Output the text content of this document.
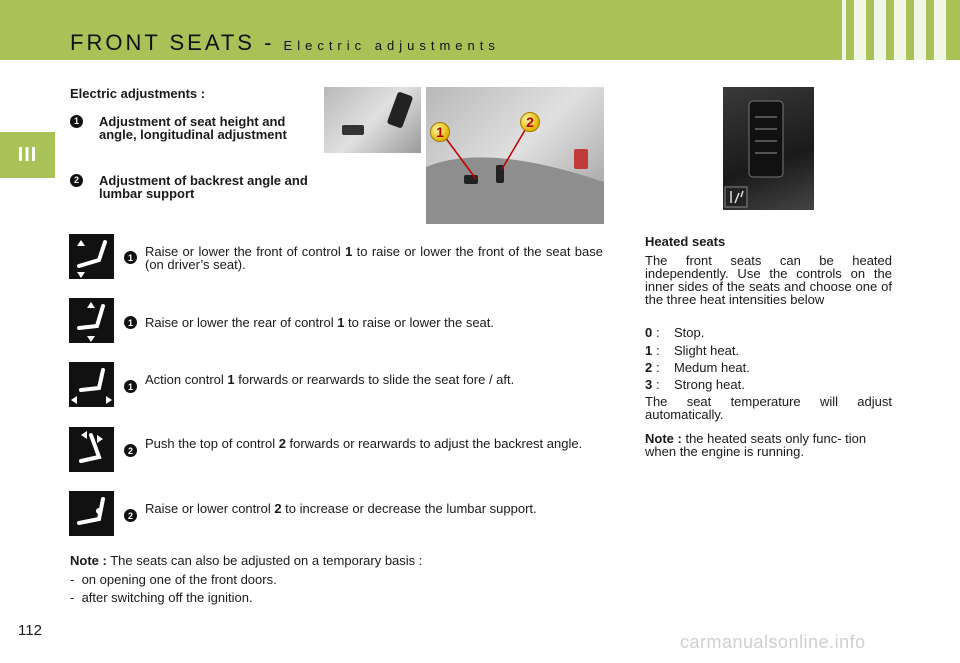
FRONT SEATS - Electric adjustments
III
Electric adjustments :
1	Adjustment of seat height and angle, longitudinal adjustment
2	Adjustment of backrest angle and lumbar support
1
2
1 Raise or lower the front of control 1 to raise or lower the front of the seat base (on driver’s seat).
1 Raise or lower the rear of control 1 to raise or lower the seat.
1 Action control 1 forwards or rearwards to slide the seat fore / aft.
2 Push the top of control 2 forwards or rearwards to adjust the backrest angle.
2 Raise or lower control 2 to increase or decrease the lumbar support.
Note : The seats can also be adjusted on a temporary basis :
-  on opening one of the front doors.
-  after switching off the ignition.
Heated seats
The front seats can be heated independently. Use the controls on the inner sides of the seats and choose one of the three heat intensities below
0 : Stop.
1 : Slight heat.
2 : Medum heat.
3 : Strong heat.
The seat temperature will adjust automatically.
Note : the heated seats only func- tion when the engine is running.
112
carmanualsonline.info
